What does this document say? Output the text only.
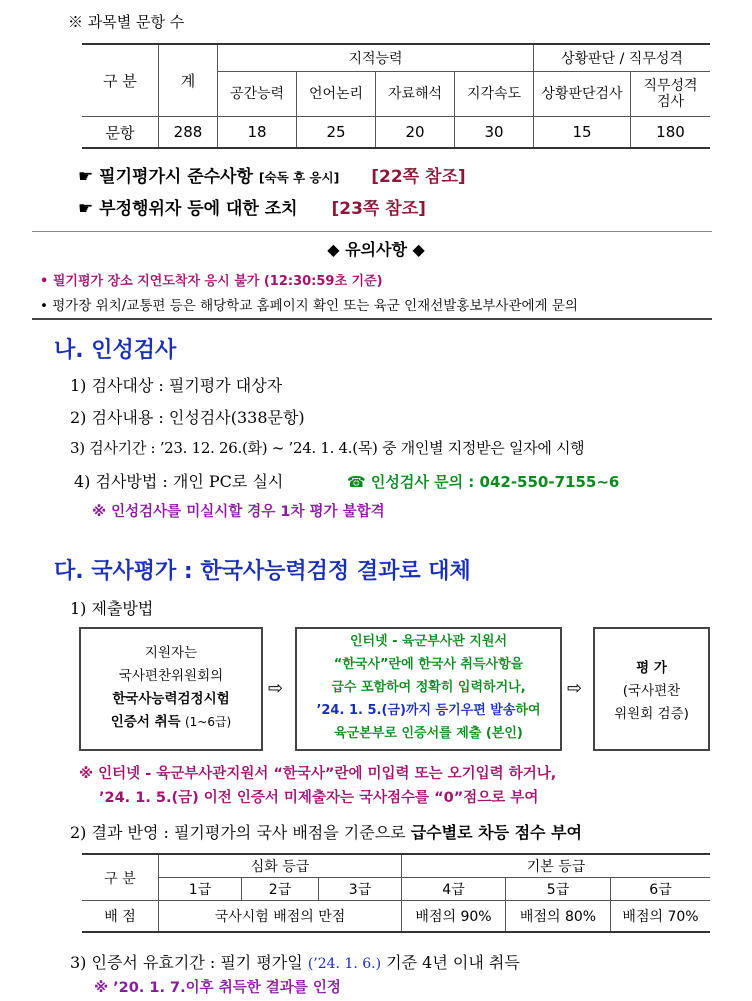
※ 과목별 문항 수
구 분	계	지적능력				상황판단 / 직무성격	
		공간능력	언어논리	자료해석	지각속도	상황판단검사	직무성격검사
문항	288	18	25	20	30	15	180
☛ 필기평가시 준수사항 [숙독 후 응시] [22쪽 참조]
☛ 부정행위자 등에 대한 조치 [23쪽 참조]
◆ 유의사항 ◆
• 필기평가 장소 지연도착자 응시 불가 (12:30:59초 기준)
• 평가장 위치/교통편 등은 해당학교 홈페이지 확인 또는 육군 인재선발홍보부사관에게 문의
나. 인성검사
1) 검사대상 : 필기평가 대상자
2) 검사내용 : 인성검사(338문항)
3) 검사기간 : ’23. 12. 26.(화) ~ ’24. 1. 4.(목) 중 개인별 지정받은 일자에 시행
4) 검사방법 : 개인 PC로 실시	☎ 인성검사 문의 : 042-550-7155∼6
※ 인성검사를 미실시할 경우 1차 평가 불합격
다. 국사평가 : 한국사능력검정 결과로 대체
1) 제출방법
지원자는
국사편찬위원회의
한국사능력검정시험
인증서 취득 (1~6급)
⇨
인터넷 - 육군부사관 지원서
“한국사”란에 한국사 취득사항을
급수 포함하여 정확히 입력하거나,
’24. 1. 5.(금)까지 등기우편 발송하여
육군본부로 인증서를 제출 (본인)
⇨
평 가
(국사편찬
위원회 검증)
※ 인터넷 - 육군부사관지원서 “한국사”란에 미입력 또는 오기입력 하거나,
’24. 1. 5.(금) 이전 인증서 미제출자는 국사점수를 “0”점으로 부여
2) 결과 반영 : 필기평가의 국사 배점을 기준으로 급수별로 차등 점수 부여
구 분	심화 등급			기본 등급		
	1급	2급	3급	4급	5급	6급
배 점	국사시험 배점의 만점			배점의 90%	배점의 80%	배점의 70%
3) 인증서 유효기간 : 필기 평가일 (’24. 1. 6.) 기준 4년 이내 취득
※ ’20. 1. 7.이후 취득한 결과를 인정
